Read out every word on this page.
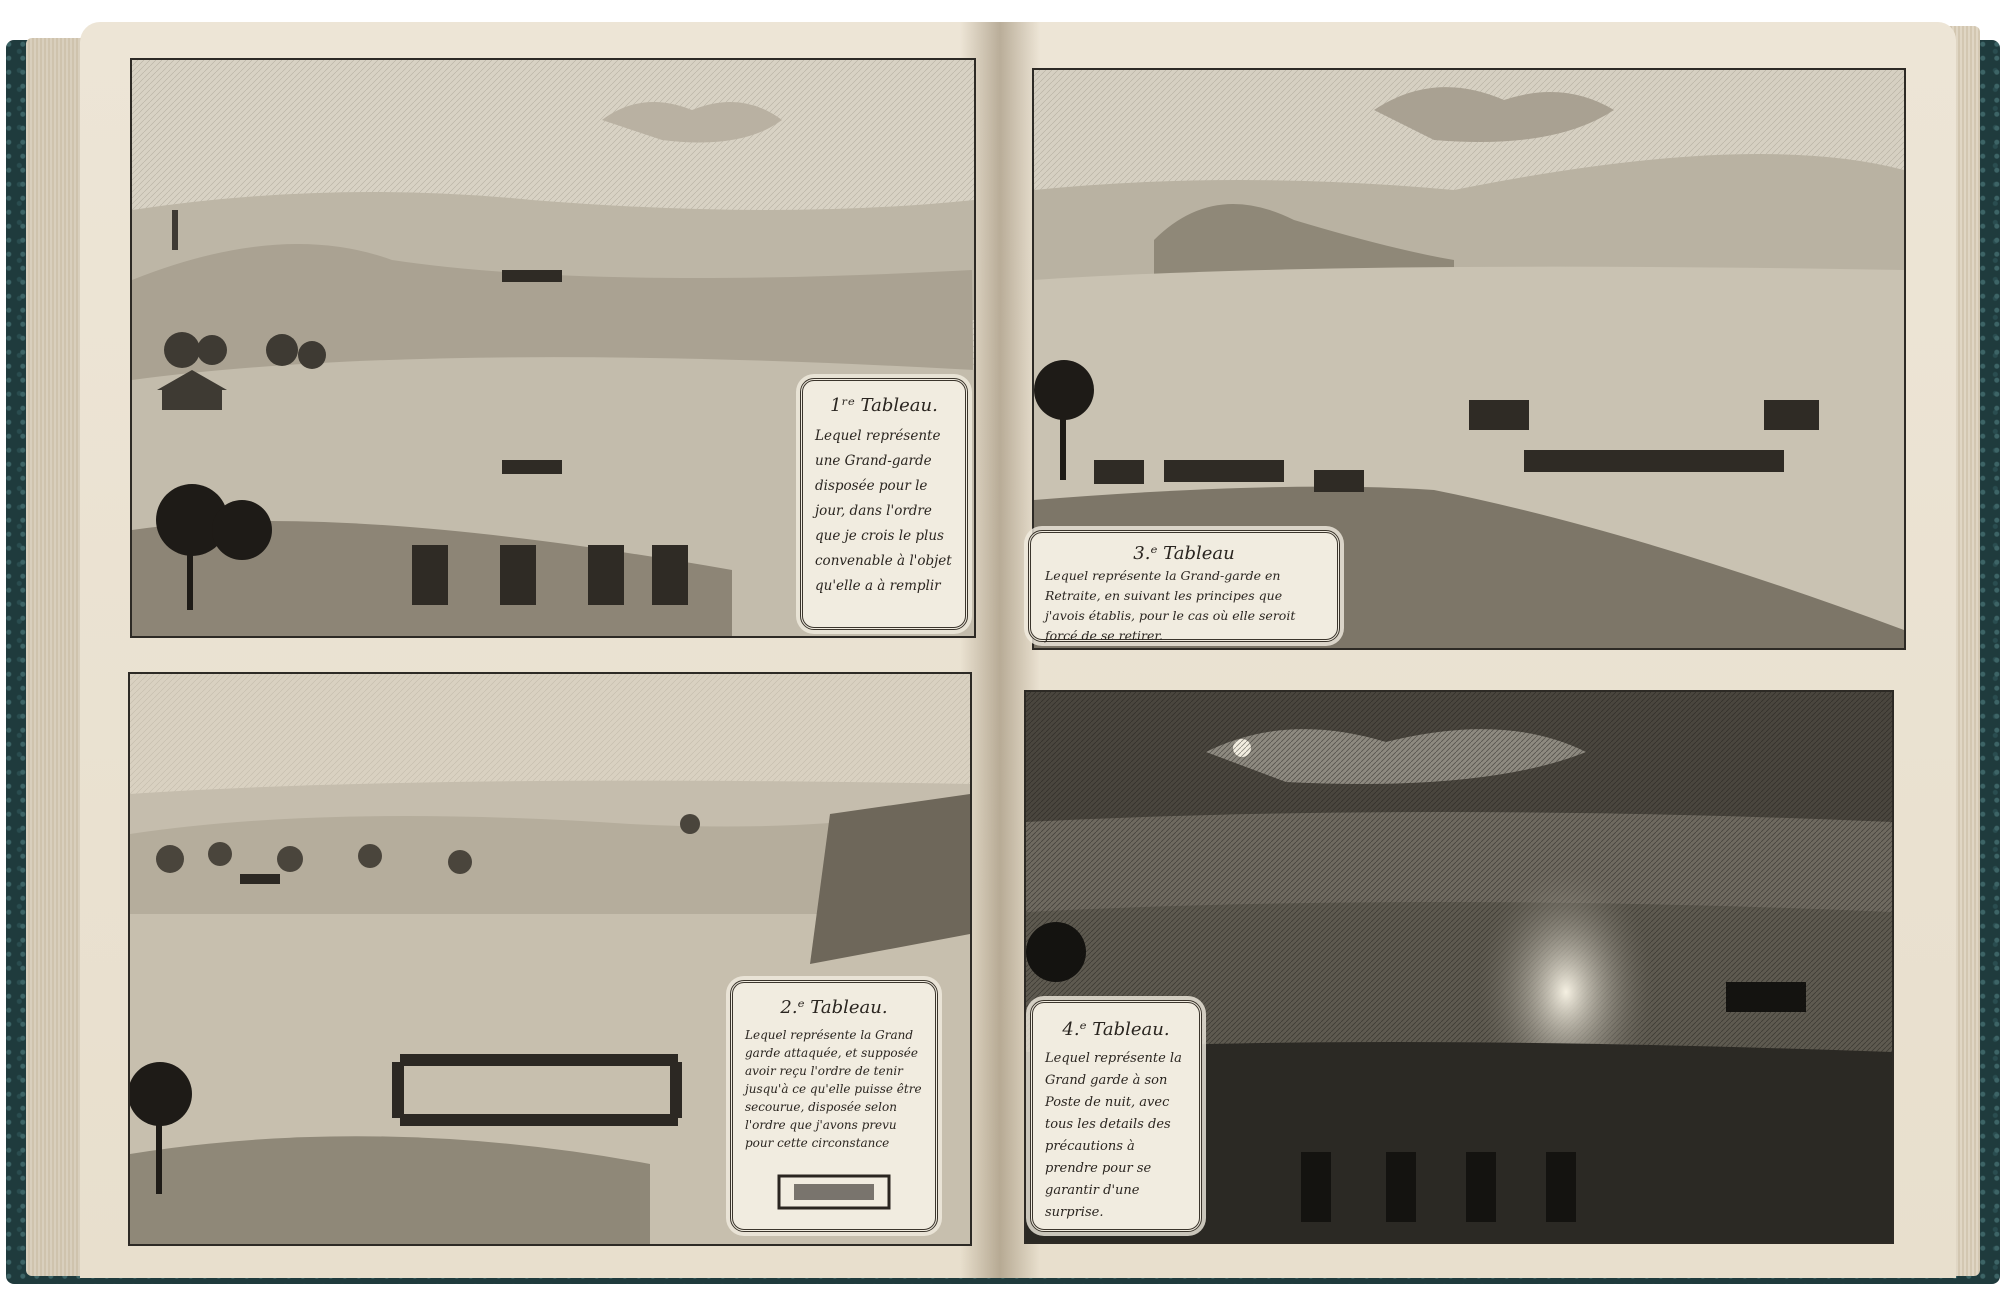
1ʳᵉ Tableau.
Lequel représente une Grand-garde disposée pour le jour, dans l'ordre que je crois le plus convenable à l'objet qu'elle a à remplir
3.ᵉ Tableau
Lequel représente la Grand-garde en Retraite, en suivant les principes que j'avois établis, pour le cas où elle seroit forcé de se retirer.
2.ᵉ Tableau.
Lequel représente la Grand garde attaquée, et supposée avoir reçu l'ordre de tenir jusqu'à ce qu'elle puisse être secourue, disposée selon l'ordre que j'avons prevu pour cette circonstance
4.ᵉ Tableau.
Lequel représente la Grand garde à son Poste de nuit, avec tous les details des précautions à prendre pour se garantir d'une surprise.
